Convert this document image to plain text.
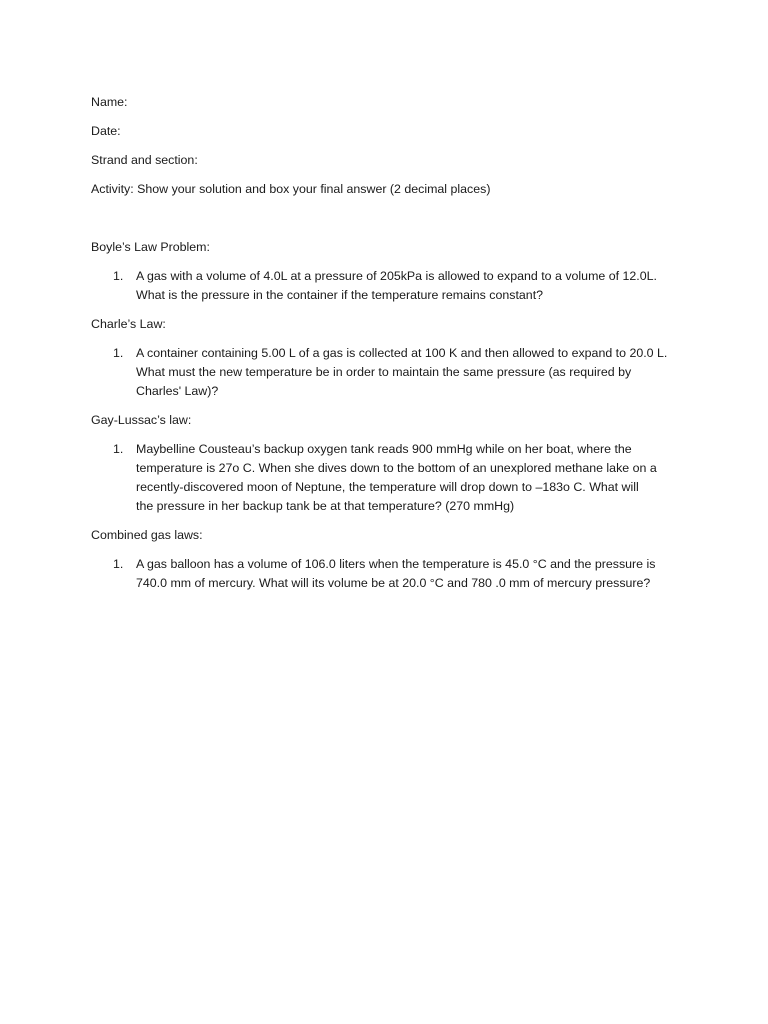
Name:

Date:

Strand and section:

Activity: Show your solution and box your final answer (2 decimal places)

Boyle’s Law Problem:

1. A gas with a volume of 4.0L at a pressure of 205kPa is allowed to expand to a volume of 12.0L.
What is the pressure in the container if the temperature remains constant?

Charle’s Law:

1. A container containing 5.00 L of a gas is collected at 100 K and then allowed to expand to 20.0 L.
What must the new temperature be in order to maintain the same pressure (as required by
Charles' Law)?

Gay-Lussac’s law:

1. Maybelline Cousteau’s backup oxygen tank reads 900 mmHg while on her boat, where the
temperature is 27o C. When she dives down to the bottom of an unexplored methane lake on a
recently-discovered moon of Neptune, the temperature will drop down to –183o C. What will
the pressure in her backup tank be at that temperature? (270 mmHg)

Combined gas laws:

1. A gas balloon has a volume of 106.0 liters when the temperature is 45.0 °C and the pressure is
740.0 mm of mercury. What will its volume be at 20.0 °C and 780 .0 mm of mercury pressure?
